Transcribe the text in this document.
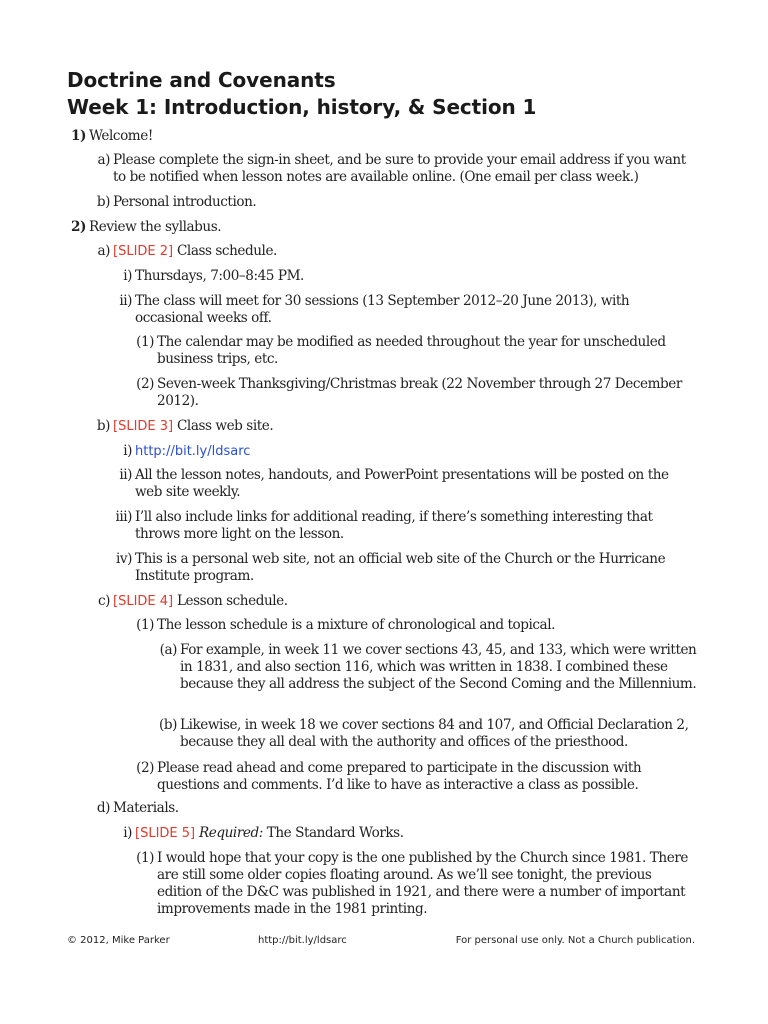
Doctrine and Covenants
Week 1: Introduction, history, & Section 1
1) Welcome!
a) Please complete the sign-in sheet, and be sure to provide your email address if you want to be notified when lesson notes are available online. (One email per class week.)
b) Personal introduction.
2) Review the syllabus.
a) [SLIDE 2] Class schedule.
i) Thursdays, 7:00–8:45 PM.
ii) The class will meet for 30 sessions (13 September 2012–20 June 2013), with occasional weeks off.
(1) The calendar may be modified as needed throughout the year for unscheduled business trips, etc.
(2) Seven-week Thanksgiving/Christmas break (22 November through 27 December 2012).
b) [SLIDE 3] Class web site.
i) http://bit.ly/ldsarc
ii) All the lesson notes, handouts, and PowerPoint presentations will be posted on the web site weekly.
iii) I’ll also include links for additional reading, if there’s something interesting that throws more light on the lesson.
iv) This is a personal web site, not an official web site of the Church or the Hurricane Institute program.
c) [SLIDE 4] Lesson schedule.
(1) The lesson schedule is a mixture of chronological and topical.
(a) For example, in week 11 we cover sections 43, 45, and 133, which were written in 1831, and also section 116, which was written in 1838. I combined these because they all address the subject of the Second Coming and the Millennium.
(b) Likewise, in week 18 we cover sections 84 and 107, and Official Declaration 2, because they all deal with the authority and offices of the priesthood.
(2) Please read ahead and come prepared to participate in the discussion with questions and comments. I’d like to have as interactive a class as possible.
d) Materials.
i) [SLIDE 5] Required: The Standard Works.
(1) I would hope that your copy is the one published by the Church since 1981. There are still some older copies floating around. As we’ll see tonight, the previous edition of the D&C was published in 1921, and there were a number of important improvements made in the 1981 printing.
© 2012, Mike Parker	http://bit.ly/ldsarc	For personal use only. Not a Church publication.
